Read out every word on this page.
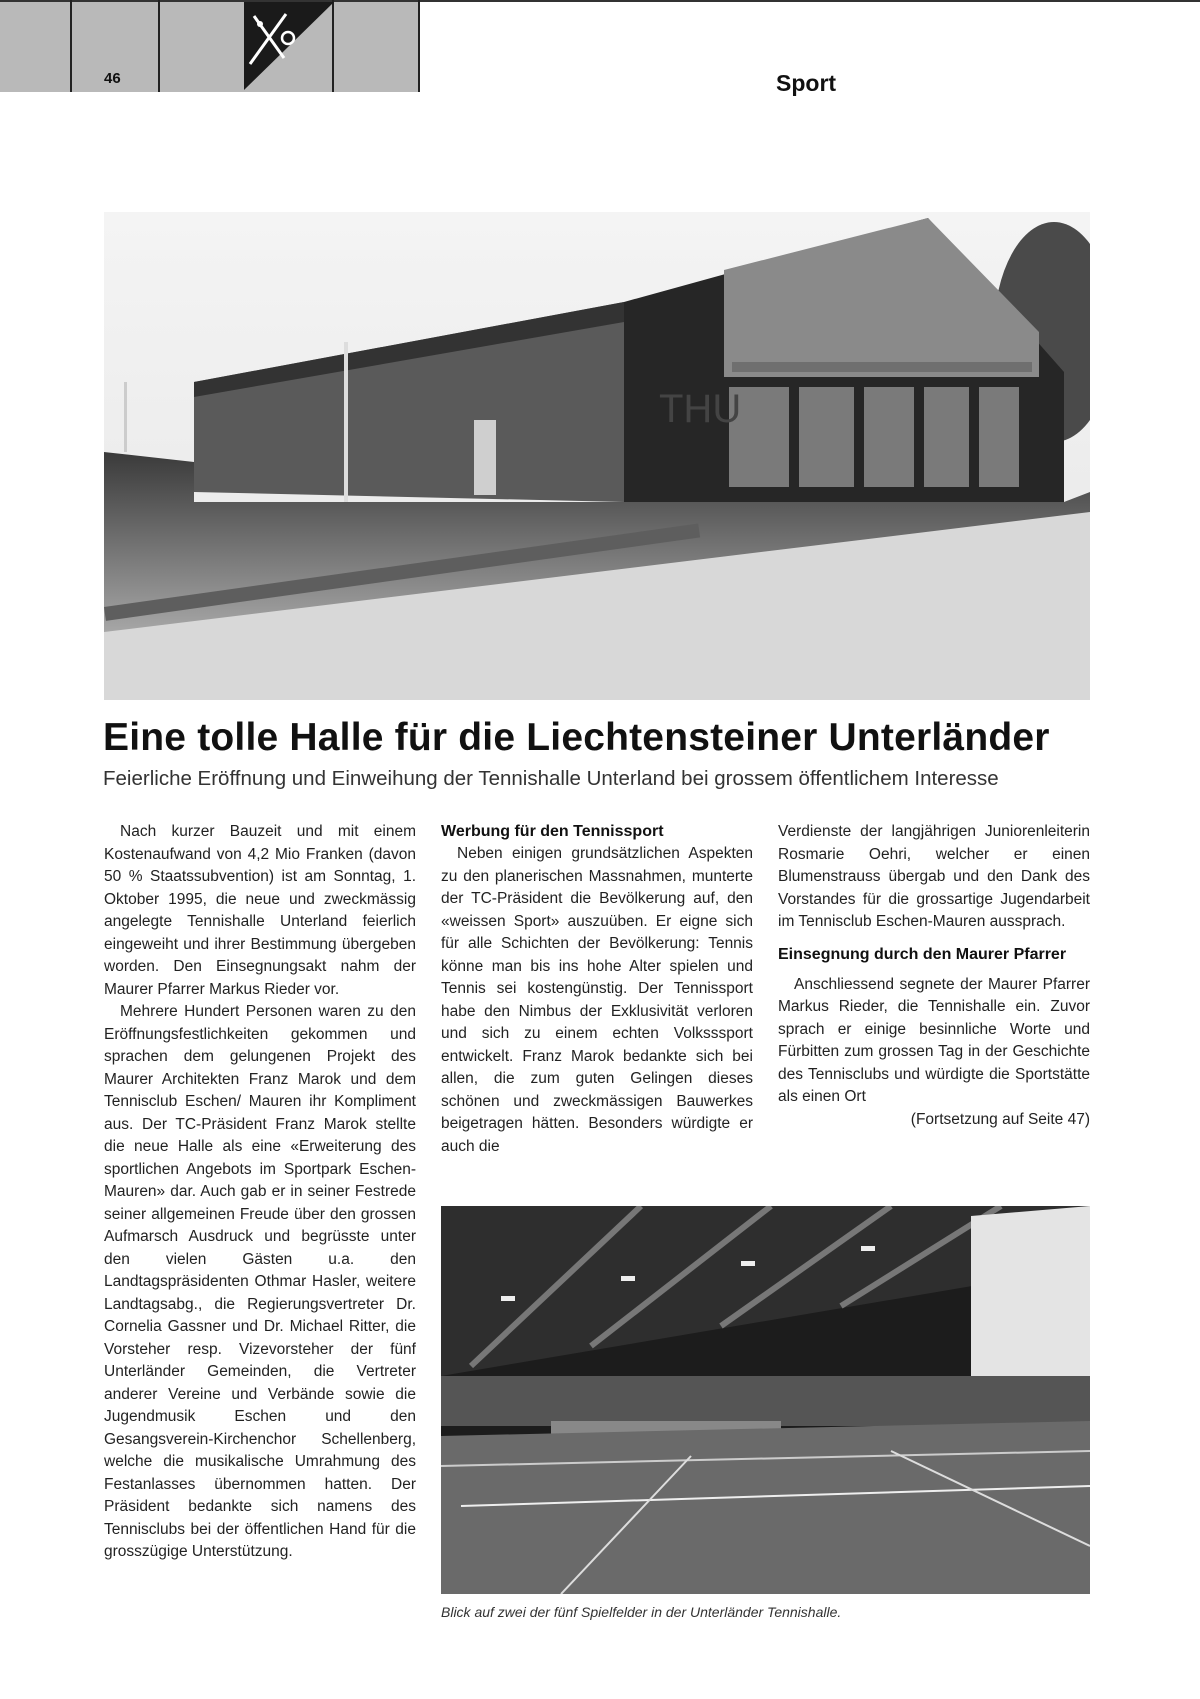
46	Sport
THU
Eine tolle Halle für die Liechtensteiner Unterländer
Feierliche Eröffnung und Einweihung der Tennishalle Unterland bei grossem öffentlichem Interesse

Nach kurzer Bauzeit und mit einem Kostenaufwand von 4,2 Mio Franken (davon 50 % Staatssubvention) ist am Sonntag, 1. Oktober 1995, die neue und zweckmässig angelegte Tennishalle Unterland feierlich eingeweiht und ihrer Bestimmung übergeben worden. Den Einsegnungsakt nahm der Maurer Pfarrer Markus Rieder vor.

Mehrere Hundert Personen waren zu den Eröffnungsfestlichkeiten gekommen und sprachen dem gelungenen Projekt des Maurer Architekten Franz Marok und dem Tennisclub Eschen/ Mauren ihr Kompliment aus. Der TC-Präsident Franz Marok stellte die neue Halle als eine «Erweiterung des sportlichen Angebots im Sportpark Eschen-Mauren» dar. Auch gab er in seiner Festrede seiner allgemeinen Freude über den grossen Aufmarsch Ausdruck und begrüsste unter den vielen Gästen u.a. den Landtagspräsidenten Othmar Hasler, weitere Landtagsabg., die Regierungsvertreter Dr. Cornelia Gassner und Dr. Michael Ritter, die Vorsteher resp. Vizevorsteher der fünf Unterländer Gemeinden, die Vertreter anderer Vereine und Verbände sowie die Jugendmusik Eschen und den Gesangsverein-Kirchenchor Schellenberg, welche die musikalische Umrahmung des Festanlasses übernommen hatten. Der Präsident bedankte sich namens des Tennisclubs bei der öffentlichen Hand für die grosszügige Unterstützung.

Werbung für den Tennissport

Neben einigen grundsätzlichen Aspekten zu den planerischen Massnahmen, munterte der TC-Präsident die Bevölkerung auf, den «weissen Sport» auszuüben. Er eigne sich für alle Schichten der Bevölkerung: Tennis könne man bis ins hohe Alter spielen und Tennis sei kostengünstig. Der Tennissport habe den Nimbus der Exklusivität verloren und sich zu einem echten Volksssport entwickelt. Franz Marok bedankte sich bei allen, die zum guten Gelingen dieses schönen und zweckmässigen Bauwerkes beigetragen hätten. Besonders würdigte er auch die

Verdienste der langjährigen Juniorenleiterin Rosmarie Oehri, welcher er einen Blumenstrauss übergab und den Dank des Vorstandes für die grossartige Jugendarbeit im Tennisclub Eschen-Mauren aussprach.

Einsegnung durch den Maurer Pfarrer

Anschliessend segnete der Maurer Pfarrer Markus Rieder, die Tennishalle ein. Zuvor sprach er einige besinnliche Worte und Fürbitten zum grossen Tag in der Geschichte des Tennisclubs und würdigte die Sportstätte als einen Ort

(Fortsetzung auf Seite 47)

Blick auf zwei der fünf Spielfelder in der Unterländer Tennishalle.
